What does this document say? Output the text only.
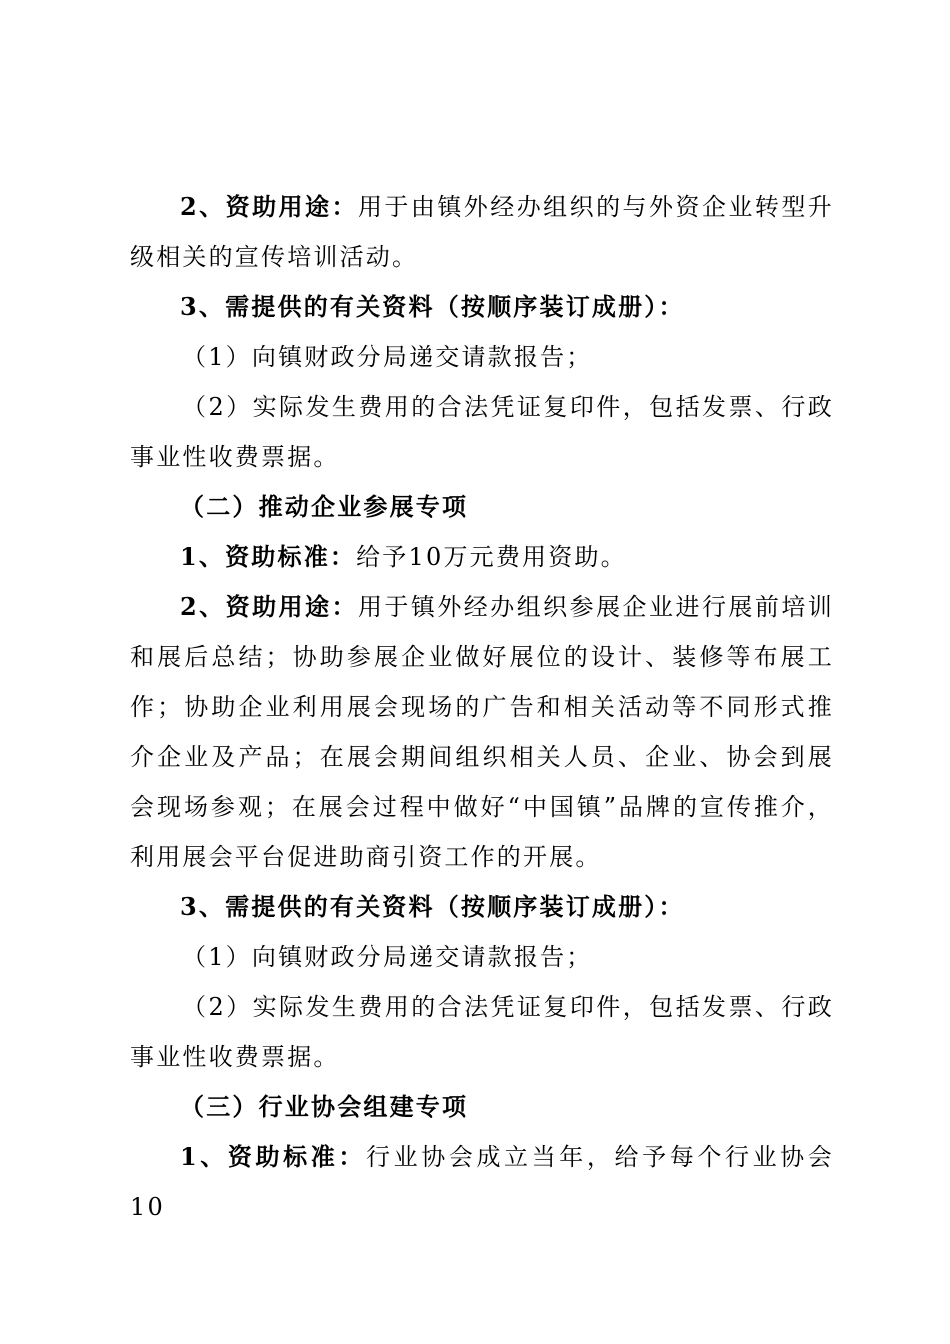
2、资助用途：用于由镇外经办组织的与外资企业转型升级相关的宣传培训活动。

3、需提供的有关资料（按顺序装订成册）：

（1）向镇财政分局递交请款报告；

（2）实际发生费用的合法凭证复印件，包括发票、行政事业性收费票据。

（二）推动企业参展专项

1、资助标准：给予10万元费用资助。

2、资助用途：用于镇外经办组织参展企业进行展前培训和展后总结；协助参展企业做好展位的设计、装修等布展工作；协助企业利用展会现场的广告和相关活动等不同形式推介企业及产品；在展会期间组织相关人员、企业、协会到展会现场参观；在展会过程中做好“中国镇”品牌的宣传推介，利用展会平台促进助商引资工作的开展。

3、需提供的有关资料（按顺序装订成册）：

（1）向镇财政分局递交请款报告；

（2）实际发生费用的合法凭证复印件，包括发票、行政事业性收费票据。

（三）行业协会组建专项

1、资助标准：行业协会成立当年，给予每个行业协会10
